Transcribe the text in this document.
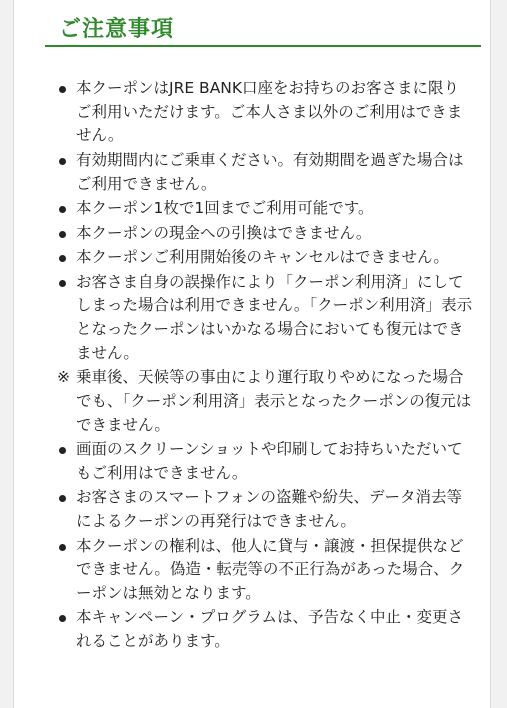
ご注意事項
本クーポンはJRE BANK口座をお持ちのお客さまに限りご利用いただけます。ご本人さま以外のご利用はできません。
有効期間内にご乗車ください。有効期間を過ぎた場合はご利用できません。
本クーポン1枚で1回までご利用可能です。
本クーポンの現金への引換はできません。
本クーポンご利用開始後のキャンセルはできません。
お客さま自身の誤操作により「クーポン利用済」にしてしまった場合は利用できません。「クーポン利用済」表示となったクーポンはいかなる場合においても復元はできません。
※ 乗車後、天候等の事由により運行取りやめになった場合でも、「クーポン利用済」表示となったクーポンの復元はできません。
画面のスクリーンショットや印刷してお持ちいただいてもご利用はできません。
お客さまのスマートフォンの盗難や紛失、データ消去等によるクーポンの再発行はできません。
本クーポンの権利は、他人に貸与・譲渡・担保提供などできません。偽造・転売等の不正行為があった場合、クーポンは無効となります。
本キャンペーン・プログラムは、予告なく中止・変更されることがあります。
